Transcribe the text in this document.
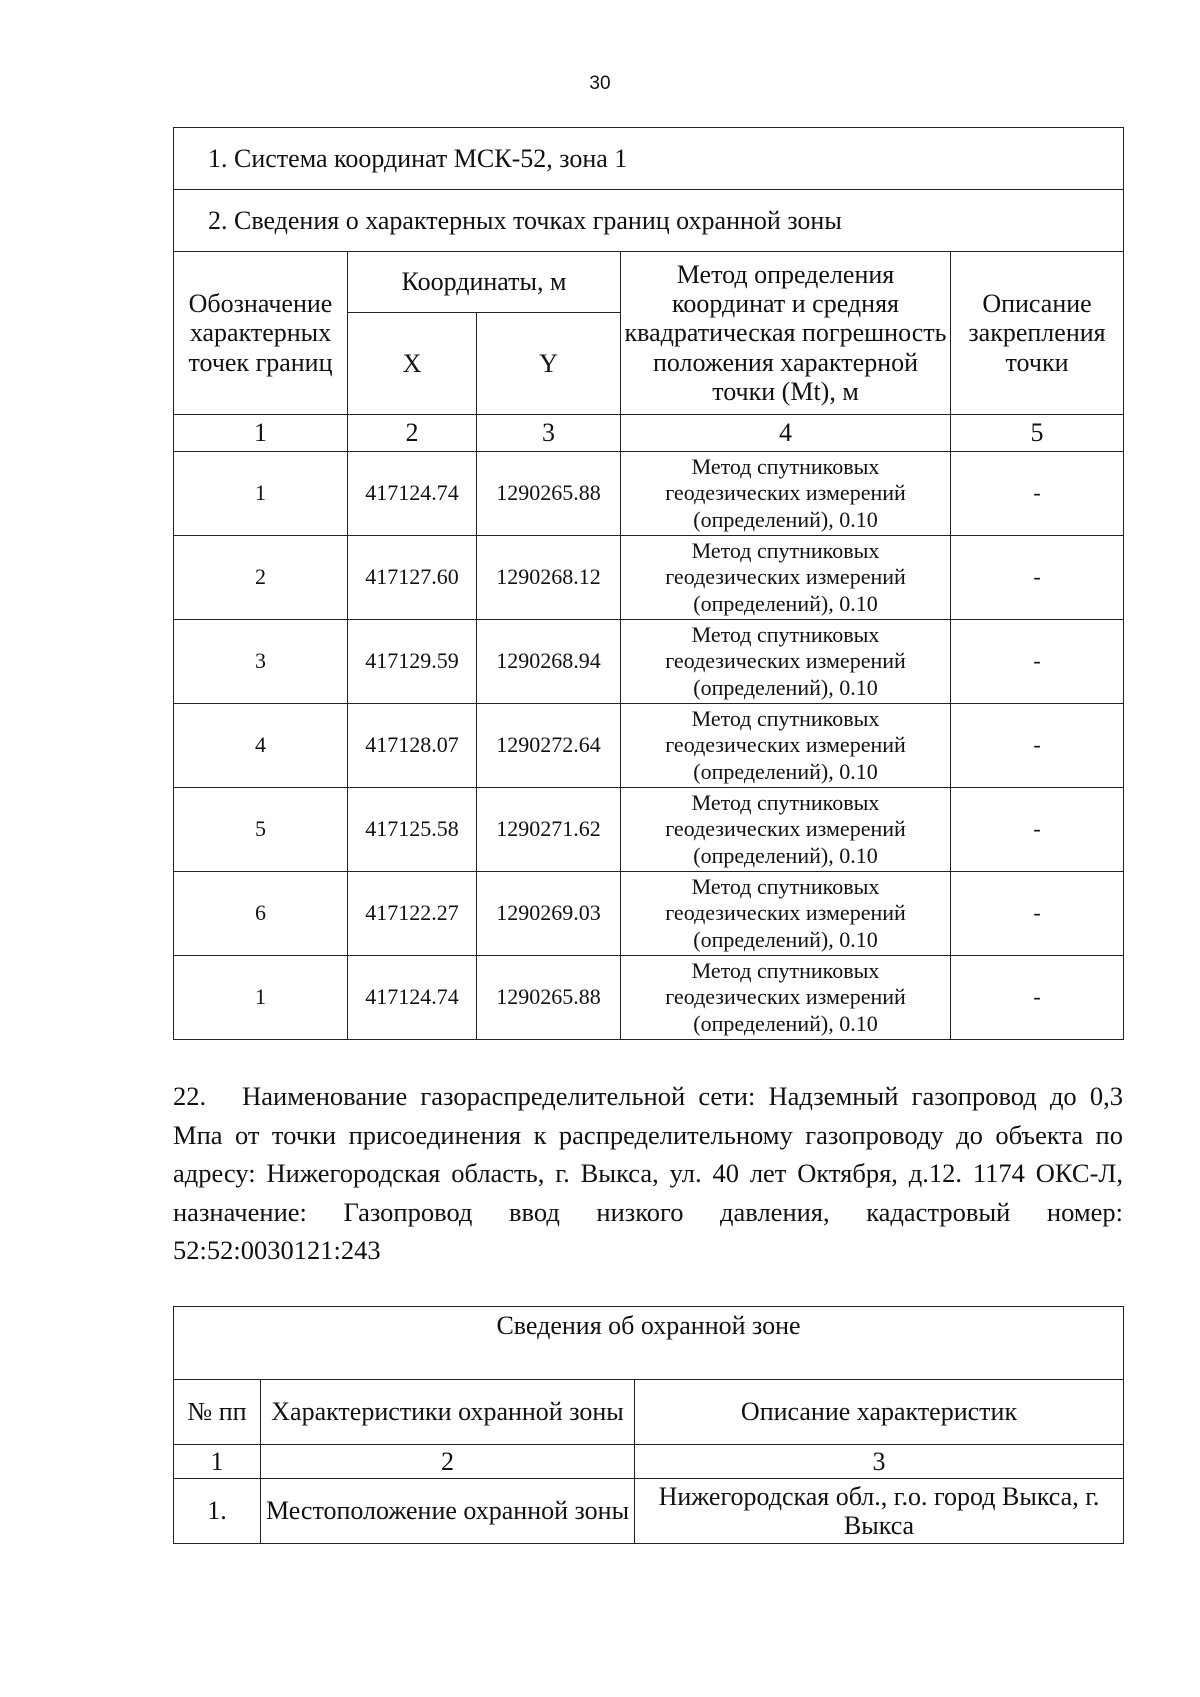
30
1. Система координат МСК-52, зона 1				
2. Сведения о характерных точках границ охранной зоны				
Обозначение характерных точек границ	Координаты, м		Метод определения координат и средняя квадратическая погрешность положения характерной точки (Mt), м	Описание закрепления точки
	X	Y		
1	2	3	4	5
1	417124.74	1290265.88	Метод спутниковых геодезических измерений (определений), 0.10	-
2	417127.60	1290268.12	Метод спутниковых геодезических измерений (определений), 0.10	-
3	417129.59	1290268.94	Метод спутниковых геодезических измерений (определений), 0.10	-
4	417128.07	1290272.64	Метод спутниковых геодезических измерений (определений), 0.10	-
5	417125.58	1290271.62	Метод спутниковых геодезических измерений (определений), 0.10	-
6	417122.27	1290269.03	Метод спутниковых геодезических измерений (определений), 0.10	-
1	417124.74	1290265.88	Метод спутниковых геодезических измерений (определений), 0.10	-

22. Наименование газораспределительной сети: Надземный газопровод до 0,3 Мпа от точки присоединения к распределительному газопроводу до объекта по адресу: Нижегородская область, г. Выкса, ул. 40 лет Октября, д.12. 1174 ОКС-Л, назначение: Газопровод ввод низкого давления, кадастровый номер: 52:52:0030121:243

Сведения об охранной зоне		
№ пп	Характеристики охранной зоны	Описание характеристик
1	2	3
1.	Местоположение охранной зоны	Нижегородская обл., г.о. город Выкса, г. Выкса
